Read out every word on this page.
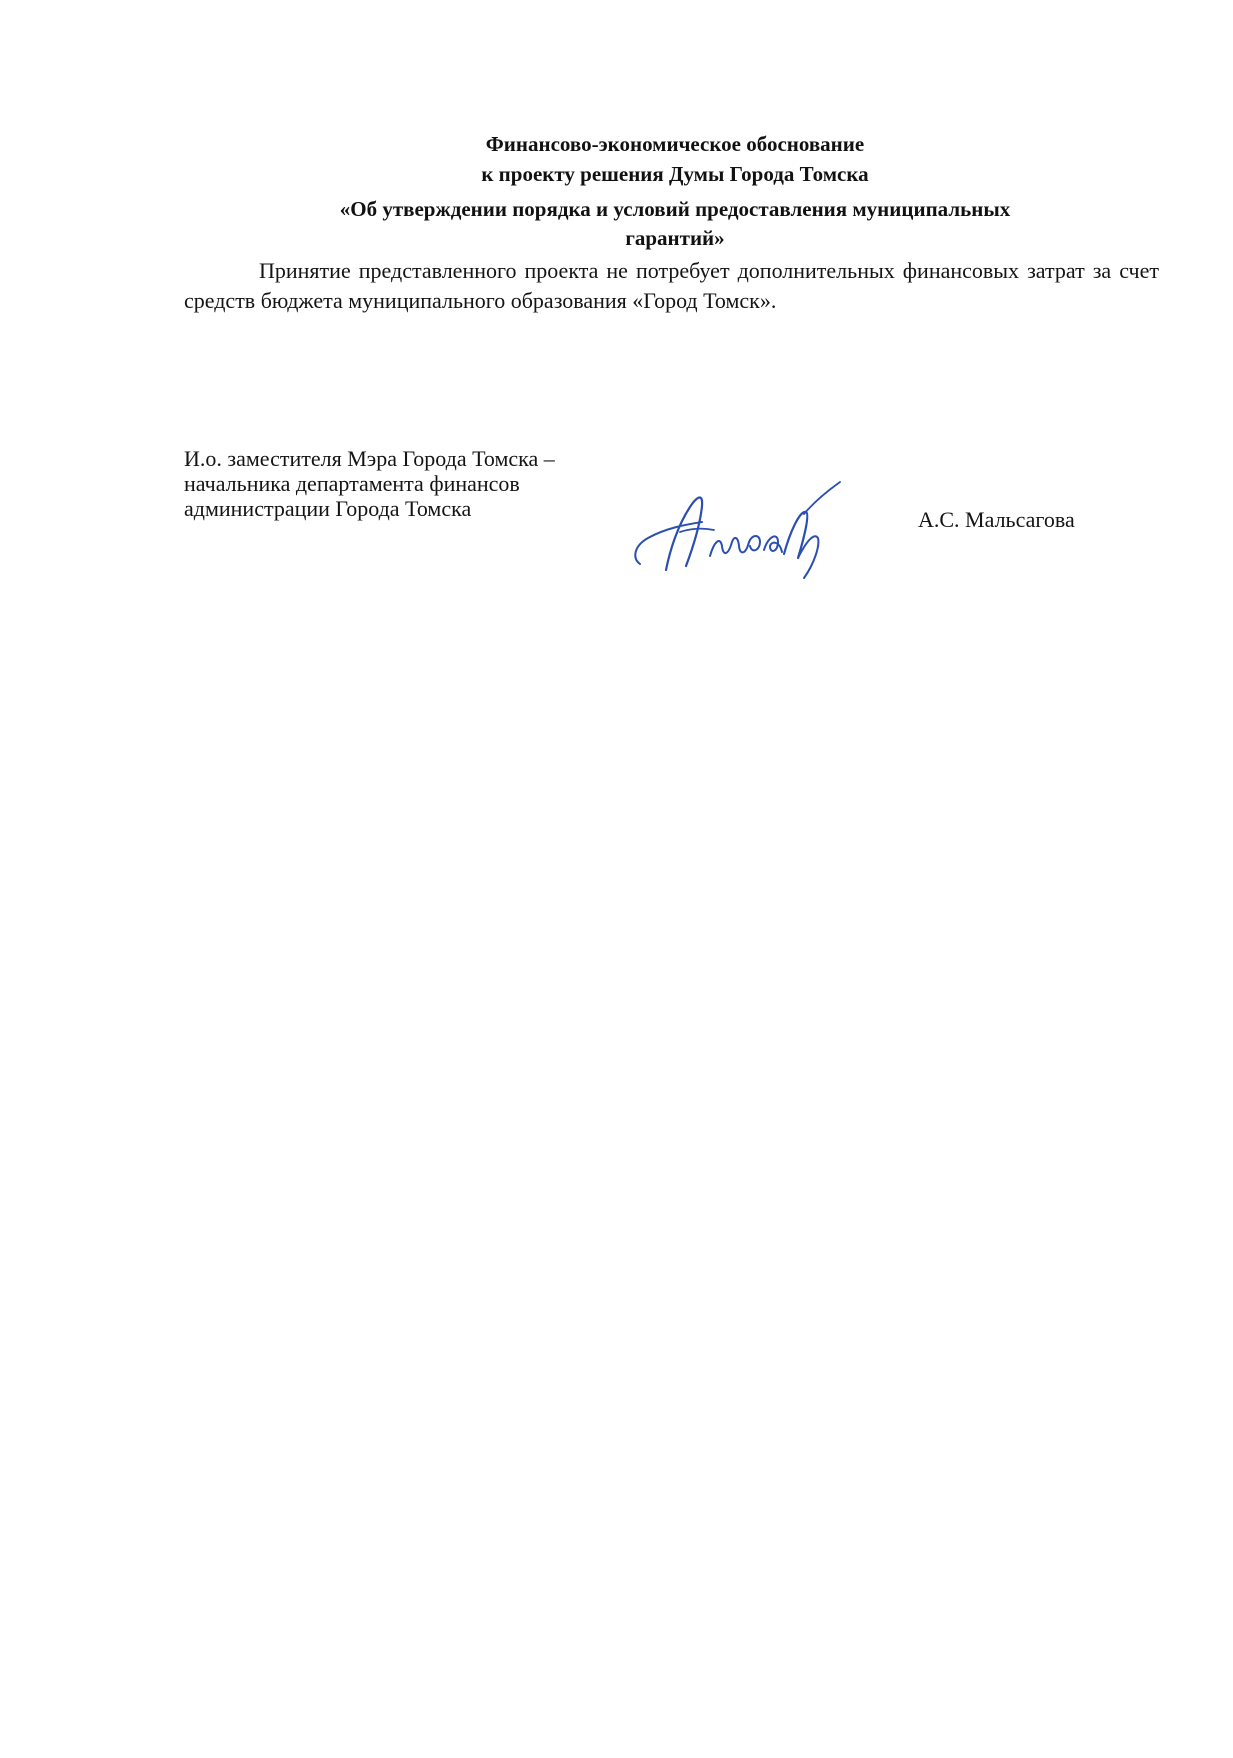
Финансово-экономическое обоснование
к проекту решения Думы Города Томска
«Об утверждении порядка и условий предоставления муниципальных
гарантий»

Принятие представленного проекта не потребует дополнительных финансовых затрат за счет средств бюджета муниципального образования «Город Томск».

И.о. заместителя Мэра Города Томска –
начальника департамента финансов
администрации Города Томска	А.С. Мальсагова
